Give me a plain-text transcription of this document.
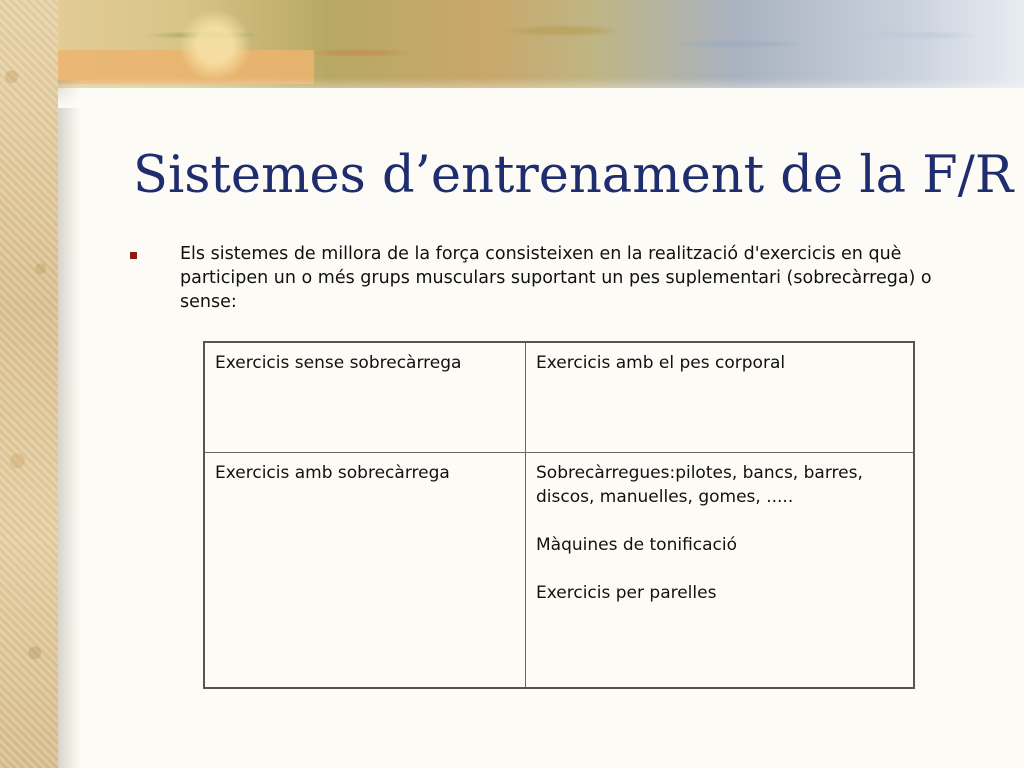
Sistemes d’entrenament de la F/R

Els sistemes de millora de la força consisteixen en la realització d'exercicis en què participen un o més grups musculars suportant un pes suplementari (sobrecàrrega) o sense:

Exercicis sense sobrecàrrega	Exercicis amb el pes corporal

Exercicis amb sobrecàrrega	Sobrecàrregues:pilotes, bancs, barres, discos, manuelles, gomes, .....
Màquines de tonificació
Exercicis per parelles
